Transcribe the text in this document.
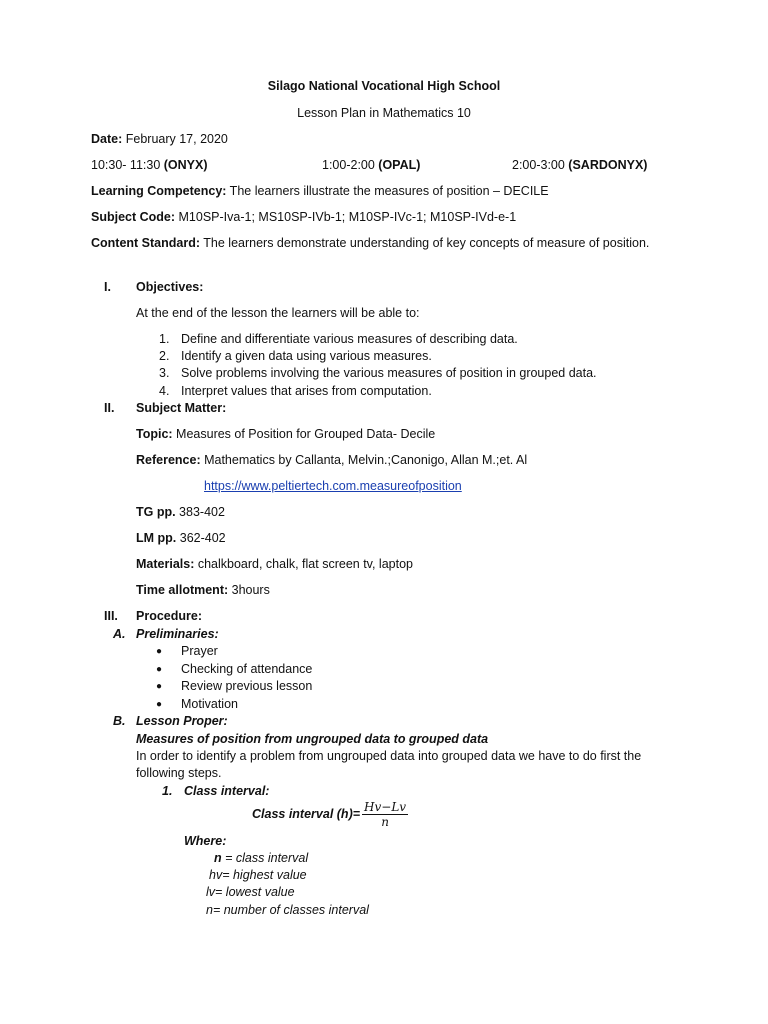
Silago National Vocational High School
Lesson Plan in Mathematics 10
Date: February 17, 2020
10:30- 11:30 (ONYX)	1:00-2:00 (OPAL)	2:00-3:00 (SARDONYX)
Learning Competency: The learners illustrate the measures of position – DECILE
Subject Code: M10SP-Iva-1; MS10SP-IVb-1; M10SP-IVc-1; M10SP-IVd-e-1
Content Standard: The learners demonstrate understanding of key concepts of measure of position.
I. Objectives:
At the end of the lesson the learners will be able to:
1. Define and differentiate various measures of describing data.
2. Identify a given data using various measures.
3. Solve problems involving the various measures of position in grouped data.
4. Interpret values that arises from computation.
II. Subject Matter:
Topic: Measures of Position for Grouped Data- Decile
Reference: Mathematics by Callanta, Melvin.;Canonigo, Allan M.;et. Al
https://www.peltiertech.com.measureofposition
TG pp. 383-402
LM pp. 362-402
Materials: chalkboard, chalk, flat screen tv, laptop
Time allotment: 3hours
III. Procedure:
A. Preliminaries:
● Prayer
● Checking of attendance
● Review previous lesson
● Motivation
B. Lesson Proper:
Measures of position from ungrouped data to grouped data
In order to identify a problem from ungrouped data into grouped data we have to do first the following steps.
1. Class interval:
Class interval $(h)= \frac{Hv-Lv}{n}$
Where:
n = class interval
hv= highest value
lv= lowest value
n= number of classes interval
